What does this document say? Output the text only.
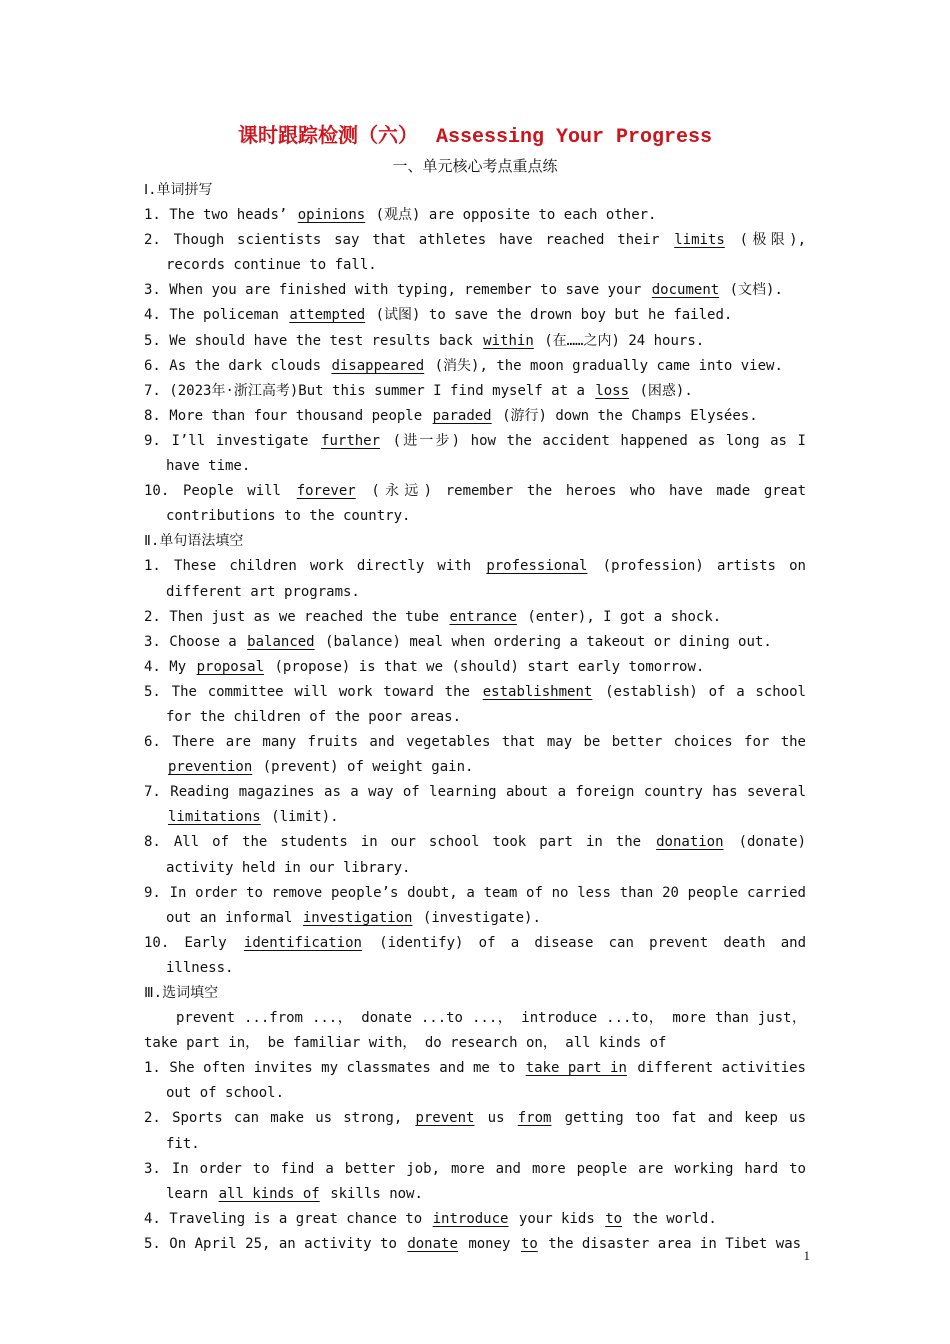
课时跟踪检测（六） Assessing Your Progress
一、单元核心考点重点练

Ⅰ.单词拼写

1. The two heads’ opinions (观点) are opposite to each other.

2. Though scientists say that athletes have reached their limits (极限), records continue to fall.

3. When you are finished with typing, remember to save your document (文档).

4. The policeman attempted (试图) to save the drown boy but he failed.

5. We should have the test results back within (在……之内) 24 hours.

6. As the dark clouds disappeared (消失), the moon gradually came into view.

7. (2023年·浙江高考)But this summer I find myself at a loss (困惑).

8. More than four thousand people paraded (游行) down the Champs Elysées.

9. I’ll investigate further (进一步) how the accident happened as long as I have time.

10. People will forever (永远) remember the heroes who have made great contributions to the country.

Ⅱ.单句语法填空

1. These children work directly with professional (profession) artists on different art programs.

2. Then just as we reached the tube entrance (enter), I got a shock.

3. Choose a balanced (balance) meal when ordering a takeout or dining out.

4. My proposal (propose) is that we (should) start early tomorrow.

5. The committee will work toward the establishment (establish) of a school for the children of the poor areas.

6. There are many fruits and vegetables that may be better choices for the prevention (prevent) of weight gain.

7. Reading magazines as a way of learning about a foreign country has several limitations (limit).

8. All of the students in our school took part in the donation (donate) activity held in our library.

9. In order to remove people’s doubt, a team of no less than 20 people carried out an informal investigation (investigate).

10. Early identification (identify) of a disease can prevent death and illness.

Ⅲ.选词填空

prevent ...from ...， donate ...to ...， introduce ...to， more than just， take part in， be familiar with， do research on， all kinds of

1. She often invites my classmates and me to take part in different activities out of school.

2. Sports can make us strong, prevent us from getting too fat and keep us fit.

3. In order to find a better job, more and more people are working hard to learn all kinds of skills now.

4. Traveling is a great chance to introduce your kids to the world.

5. On April 25, an activity to donate money to the disaster area in Tibet was

1
